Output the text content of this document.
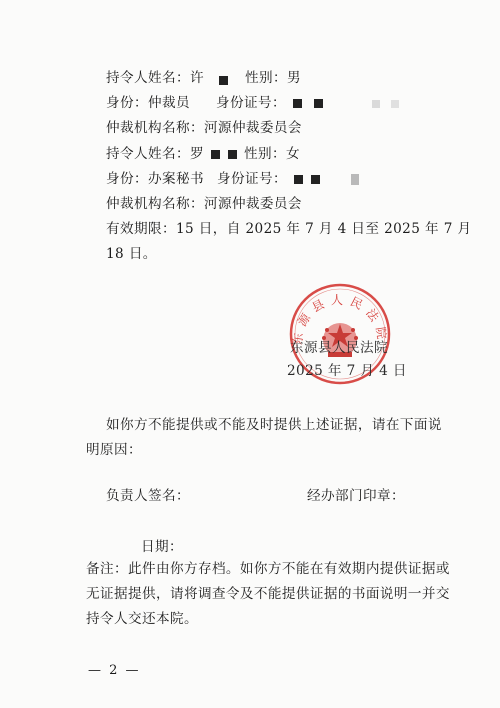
持令人姓名：许	性别：男
身份：仲裁员 身份证号：
仲裁机构名称：河源仲裁委员会
持令人姓名：罗	性别：女
身份：办案秘书 身份证号：
仲裁机构名称：河源仲裁委员会
有效期限：15 日，自 2025 年 7 月 4 日至 2025 年 7 月
18 日。
东源县人民法院
东源县人民法院
2025 年 7 月 4 日
如你方不能提供或不能及时提供上述证据，请在下面说
明原因：
负责人签名：	经办部门印章：
日期：
备注：此件由你方存档。如你方不能在有效期内提供证据或
无证据提供，请将调查令及不能提供证据的书面说明一并交
持令人交还本院。
— 2 —
